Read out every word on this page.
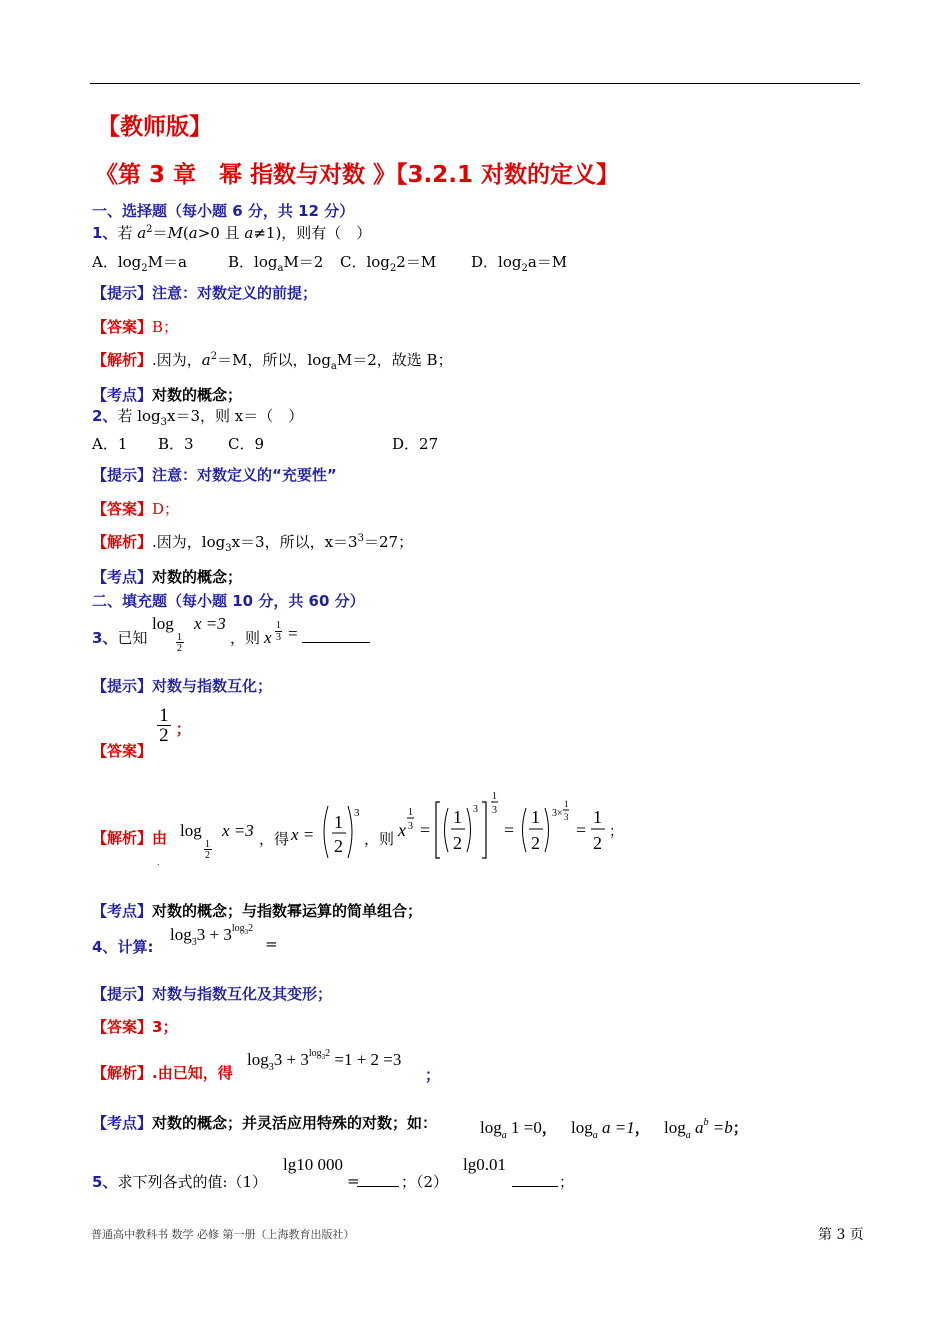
【教师版】
《第 3 章　幂 指数与对数 》【3.2.1 对数的定义】
一、选择题（每小题 6 分，共 12 分）
1、若 $a^2=M(a>0$ 且 a≠1)，则有（　）
A．$\log_2M=a$	B．$\log_aM=2$ C．$\log_22=M$ D．$\log_2a=M$
【提示】注意：对数定义的前提；
【答案】B；
【解析】.因为，$a^2=M$，所以，$\log_aM=2$，故选 B；
【考点】对数的概念；
2、若 $\log_3x=3$，则 x＝（　）
A．1 B．3 C．9	D．27
【提示】注意：对数定义的“充要性”
【答案】D；
【解析】.因为，$\log_3x=3$，所以，$x=3^3=27$；
【考点】对数的概念；
二、填充题（每小题 10 分，共 60 分）
3、已知
log
1
2
x =3
，则 x
1
3 =
【提示】对数与指数互化；
【答案】
$\frac{1}{2}$ ；
【解析】由
.
log
1
2
x =3 ，得 x =
1
2
3
，则 x
1
3 =
1
2
3
1
3
=
1
2
3×
1
3
=
1
2
；
【考点】对数的概念；与指数幂运算的简单组合；
4、计算:
$\log_33 + 3^{log32}$
=
【提示】对数与指数互化及其变形；
【答案】3；
【解析】.由已知，得
$\log_33 + 3^{log32} =1 + 2 =3$
；
【考点】对数的概念；并灵活应用特殊的对数；如：	$\log_a 1 =0$， $\log_a a =1$， $\log_a a^b =b$；
5、求下列各式的值:（1）
lg10 000
=	；（2）
lg0.01
；
普通高中教科书 数学 必修 第一册（上海教育出版社）	第 3 页
